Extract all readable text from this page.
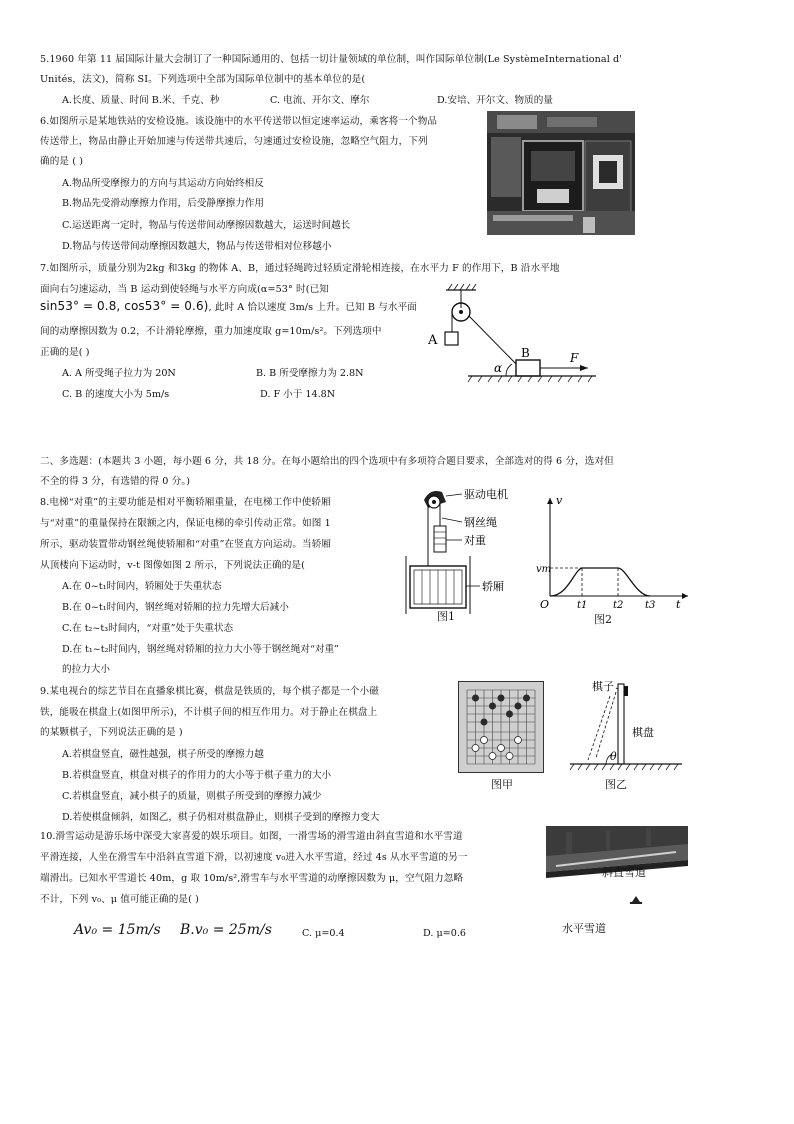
5.1960 年第 11 届国际计量大会制订了一种国际通用的、包括一切计量领域的单位制，叫作国际单位制(Le SystèmeInternational d'
Unités，法文)，简称 SI。下列选项中全部为国际单位制中的基本单位的是(
A.长度、质量、时间 B.米、千克、秒	C. 电流、开尔文、摩尔	D.安培、开尔文、物质的量
6.如图所示是某地铁站的安检设施。该设施中的水平传送带以恒定速率运动，乘客将一个物品
传送带上，物品由静止开始加速与传送带共速后，匀速通过安检设施，忽略空气阻力，下列
确的是 ( )
A.物品所受摩擦力的方向与其运动方向始终相反
B.物品先受滑动摩擦力作用，后受静摩擦力作用
C.运送距离一定时，物品与传送带间动摩擦因数越大，运送时间越长
D.物品与传送带间动摩擦因数越大，物品与传送带相对位移越小
7.如图所示，质量分别为2kg 和3kg 的物体 A、B，通过轻绳跨过轻质定滑轮相连接，在水平力 F 的作用下，B 沿水平地
面向右匀速运动，当 B 运动到使轻绳与水平方向成(α=53° 时(已知
sin53° = 0.8, cos53° = 0.6), 此时 A 恰以速度 3m/s 上升。已知 B 与水平面
间的动摩擦因数为 0.2，不计滑轮摩擦，重力加速度取 g=10m/s²。下列选项中
正确的是( )
A. A 所受绳子拉力为 20N	B. B 所受摩擦力为 2.8N
C. B 的速度大小为 5m/s	D. F 小于 14.8N
A
B
α
F
二、多选题：(本题共 3 小题，每小题 6 分，共 18 分。在每小题给出的四个选项中有多项符合题目要求，全部选对的得 6 分，选对但
不全的得 3 分，有选错的得 0 分。)
8.电梯“对重”的主要功能是相对平衡轿厢重量，在电梯工作中使轿厢
与“对重”的重量保持在限额之内，保证电梯的牵引传动正常。如图 1
所示，驱动装置带动钢丝绳使轿厢和“对重”在竖直方向运动。当轿厢
从顶楼向下运动时，v-t 图像如图 2 所示，下列说法正确的是(
A.在 0~t₁时间内，轿厢处于失重状态
B.在 0~t₁时间内，钢丝绳对轿厢的拉力先增大后减小
C.在 t₂~t₃时间内，“对重”处于失重状态
D.在 t₁~t₂时间内，钢丝绳对轿厢的拉力大小等于钢丝绳对“对重”
的拉力大小
驱动电机
钢丝绳
对重
轿厢
图1
v
vm
O	t1	t2 t3 t
图2
9.某电视台的综艺节目在直播象棋比赛，棋盘是铁质的，每个棋子都是一个小磁
铁，能吸在棋盘上(如图甲所示)，不计棋子间的相互作用力。对于静止在棋盘上
的某颗棋子，下列说法正确的是 )
A.若棋盘竖直，磁性越强，棋子所受的摩擦力越
B.若棋盘竖直，棋盘对棋子的作用力的大小等于棋子重力的大小
C.若棋盘竖直，减小棋子的质量，则棋子所受到的摩擦力减少
D.若使棋盘倾斜，如图乙，棋子仍相对棋盘静止，则棋子受到的摩擦力变大
图甲
棋子
θ
棋盘
图乙
10.滑雪运动是游乐场中深受大家喜爱的娱乐项目。如图，一滑雪场的滑雪道由斜直雪道和水平雪道
平滑连接，人坐在滑雪车中沿斜直雪道下滑，以初速度 v₀进入水平雪道，经过 4s 从水平雪道的另一
端滑出。已知水平雪道长 40m，g 取 10m/s²,滑雪车与水平雪道的动摩擦因数为 μ，空气阻力忽略
不计，下列 v₀、μ 值可能正确的是( )
Av₀ = 15m/s B.v₀ = 25m/s	C. μ=0.4	D. μ=0.6
斜直雪道
水平雪道
